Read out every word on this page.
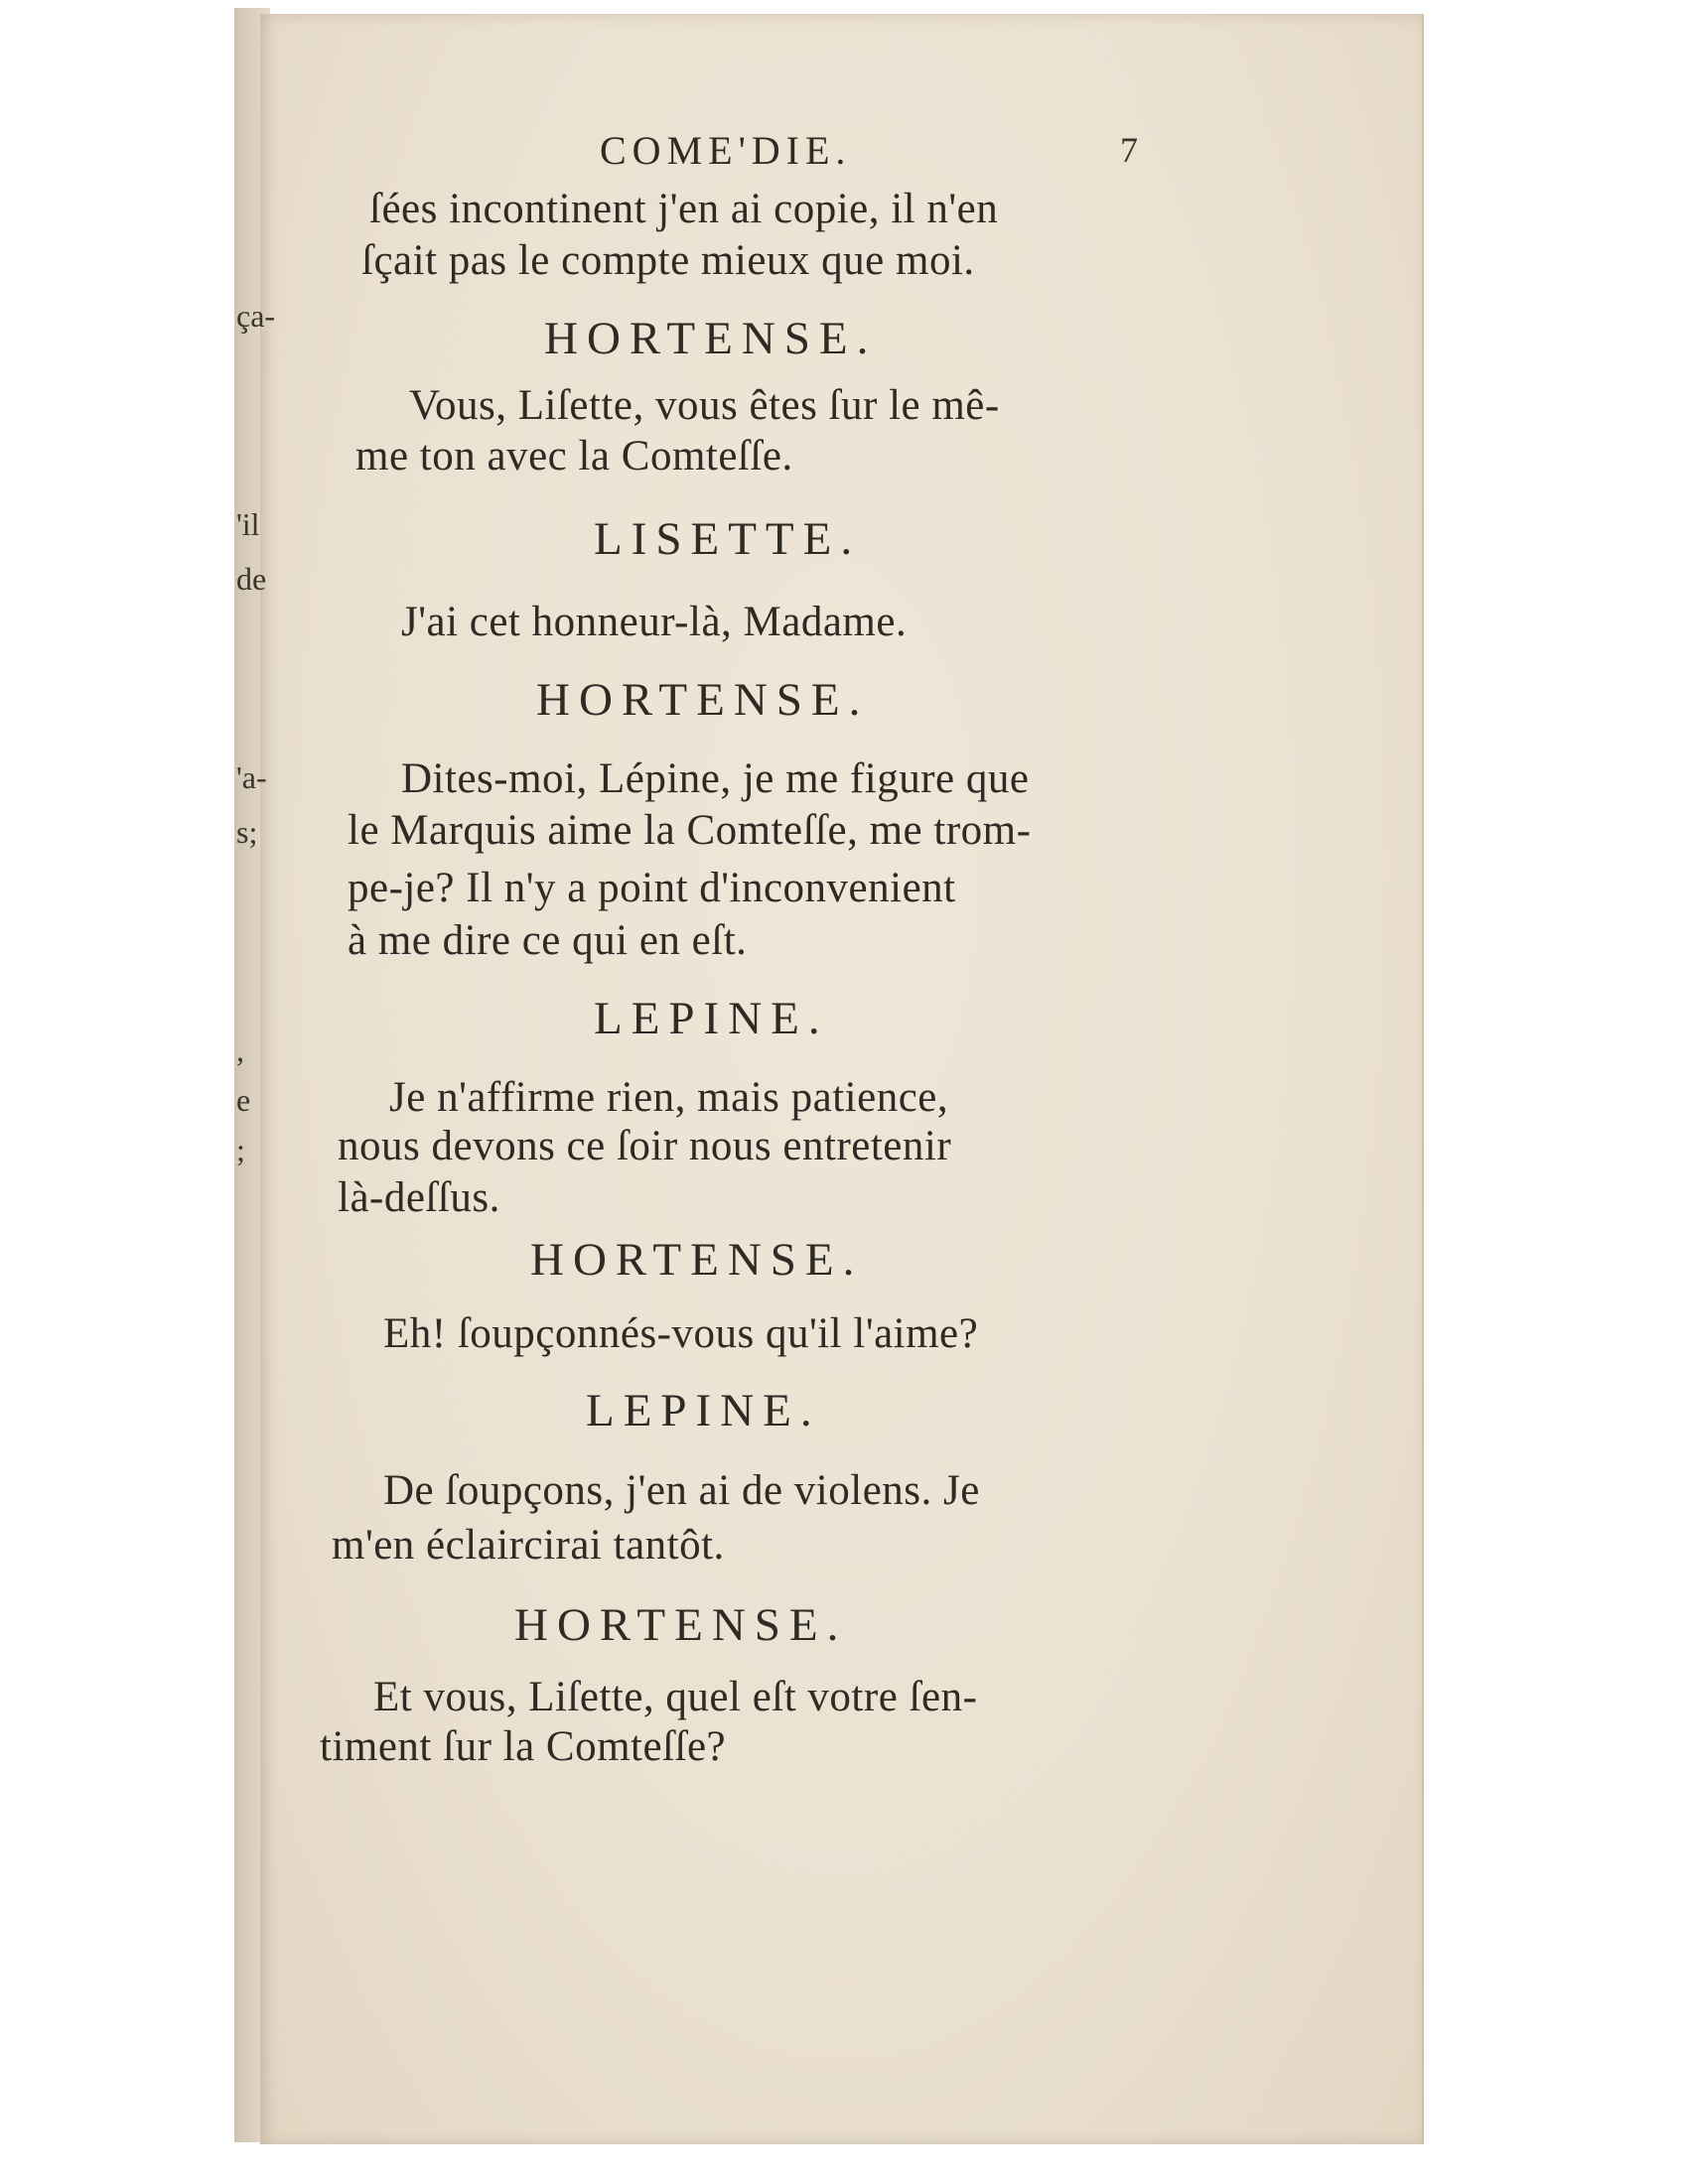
ça-
'il
de
'a-
s;
,
e
;
COME'DIE.	7
ſées incontinent j'en ai copie, il n'en
ſçait pas le compte mieux que moi.
HORTENSE.
Vous, Liſette, vous êtes ſur le mê-
me ton avec la Comteſſe.
LISETTE.
J'ai cet honneur-là, Madame.
HORTENSE.
Dites-moi, Lépine, je me figure que
le Marquis aime la Comteſſe, me trom-
pe-je? Il n'y a point d'inconvenient
à me dire ce qui en eſt.
LEPINE.
Je n'affirme rien, mais patience,
nous devons ce ſoir nous entretenir
là-deſſus.
HORTENSE.
Eh! ſoupçonnés-vous qu'il l'aime?
LEPINE.
De ſoupçons, j'en ai de violens. Je
m'en éclaircirai tantôt.
HORTENSE.
Et vous, Liſette, quel eſt votre ſen-
timent ſur la Comteſſe?
